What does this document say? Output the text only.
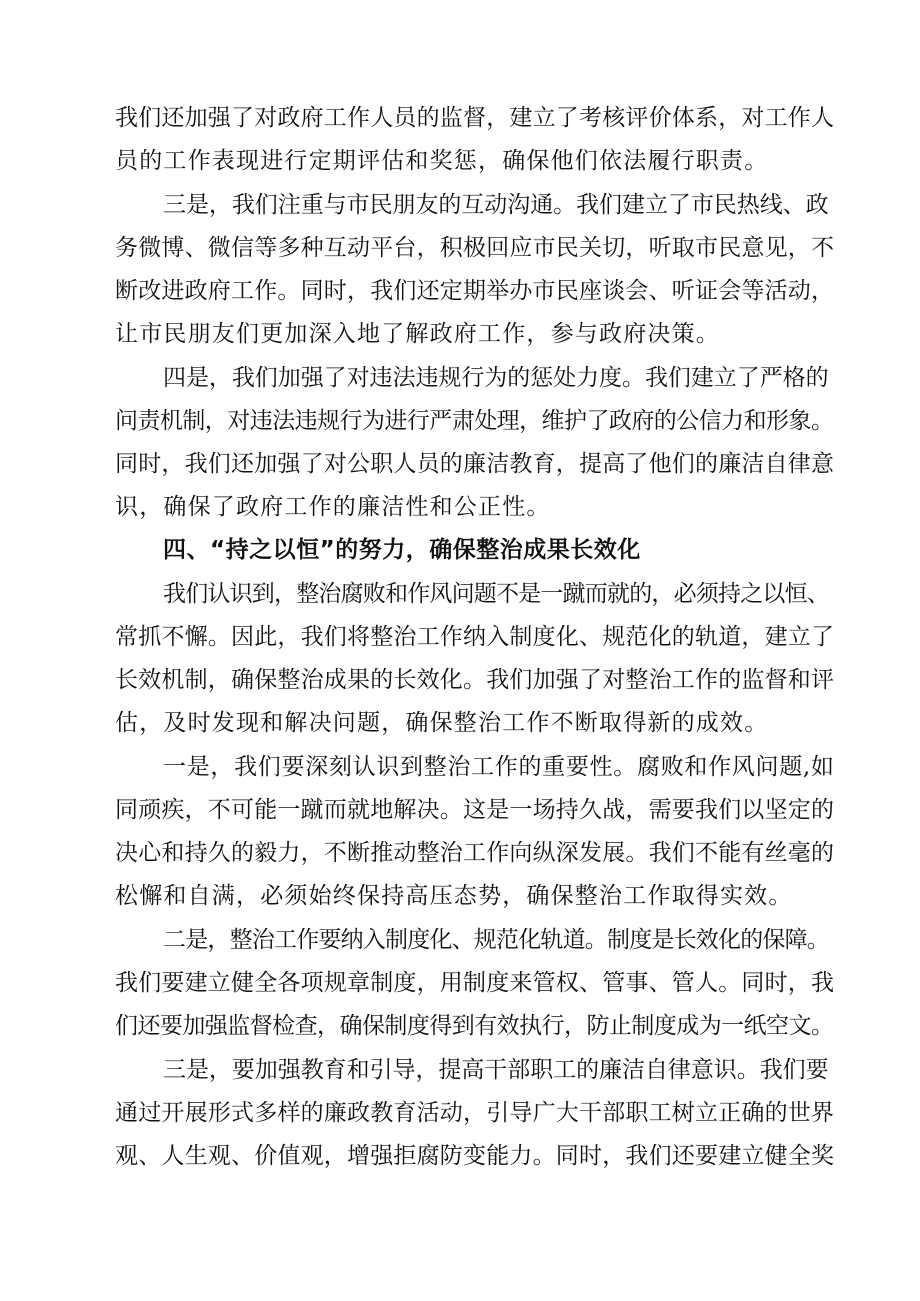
我们还加强了对政府工作人员的监督，建立了考核评价体系，对工作人
员的工作表现进行定期评估和奖惩，确保他们依法履行职责。
三是，我们注重与市民朋友的互动沟通。我们建立了市民热线、政
务微博、微信等多种互动平台，积极回应市民关切，听取市民意见，不
断改进政府工作。同时，我们还定期举办市民座谈会、听证会等活动，
让市民朋友们更加深入地了解政府工作，参与政府决策。
四是，我们加强了对违法违规行为的惩处力度。我们建立了严格的
问责机制，对违法违规行为进行严肃处理，维护了政府的公信力和形象。
同时，我们还加强了对公职人员的廉洁教育，提高了他们的廉洁自律意
识，确保了政府工作的廉洁性和公正性。
四、“持之以恒”的努力，确保整治成果长效化
我们认识到，整治腐败和作风问题不是一蹴而就的，必须持之以恒、
常抓不懈。因此，我们将整治工作纳入制度化、规范化的轨道，建立了
长效机制，确保整治成果的长效化。我们加强了对整治工作的监督和评
估，及时发现和解决问题，确保整治工作不断取得新的成效。
一是，我们要深刻认识到整治工作的重要性。腐败和作风问题,如
同顽疾，不可能一蹴而就地解决。这是一场持久战，需要我们以坚定的
决心和持久的毅力，不断推动整治工作向纵深发展。我们不能有丝毫的
松懈和自满，必须始终保持高压态势，确保整治工作取得实效。
二是，整治工作要纳入制度化、规范化轨道。制度是长效化的保障。
我们要建立健全各项规章制度，用制度来管权、管事、管人。同时，我
们还要加强监督检查，确保制度得到有效执行，防止制度成为一纸空文。
三是，要加强教育和引导，提高干部职工的廉洁自律意识。我们要
通过开展形式多样的廉政教育活动，引导广大干部职工树立正确的世界
观、人生观、价值观，增强拒腐防变能力。同时，我们还要建立健全奖
